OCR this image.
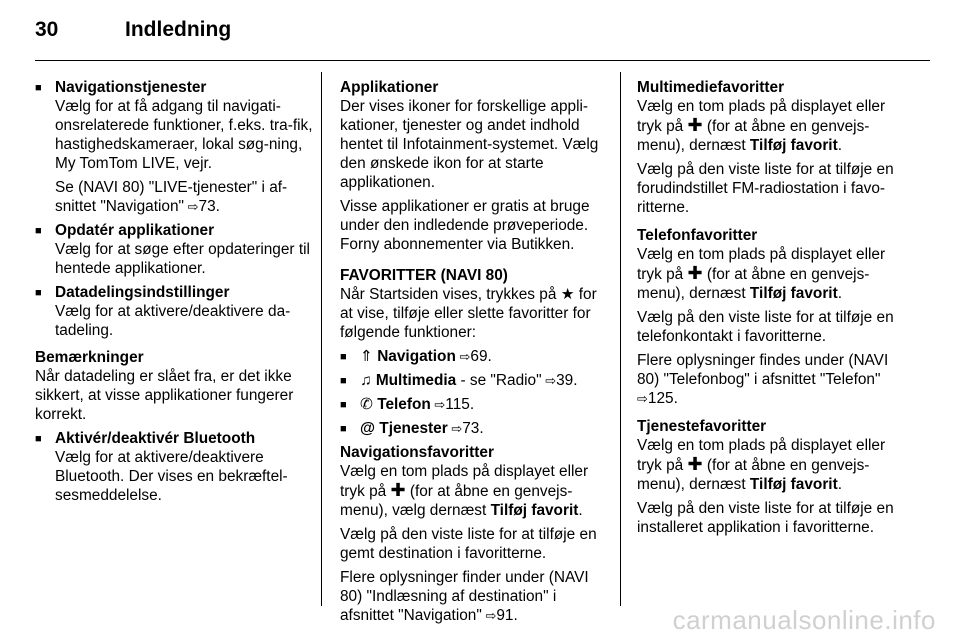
30	Indledning
■ Navigationstjenester
Vælg for at få adgang til navigati-onsrelaterede funktioner, f.eks. tra-fik, hastighedskameraer, lokal søg-ning, My TomTom LIVE, vejr.
Se (NAVI 80) "LIVE-tjenester" i af-snittet "Navigation" ⇨ 73.
■ Opdatér applikationer
Vælg for at søge efter opdateringer til hentede applikationer.
■ Datadelingsindstillinger
Vælg for at aktivere/deaktivere da-tadeling.
Bemærkninger
Når datadeling er slået fra, er det ikke sikkert, at visse applikationer fungerer korrekt.
■ Aktivér/deaktivér Bluetooth
Vælg for at aktivere/deaktivere Bluetooth. Der vises en bekræftel-sesmeddelelse.
Applikationer
Der vises ikoner for forskellige appli-kationer, tjenester og andet indhold hentet til Infotainment-systemet. Vælg den ønskede ikon for at starte applikationen.
Visse applikationer er gratis at bruge under den indledende prøveperiode. Forny abonnementer via Butikken.
FAVORITTER (NAVI 80)
Når Startsiden vises, trykkes på ★ for at vise, tilføje eller slette favoritter for følgende funktioner:
■ ⇑ Navigation ⇨ 69.
■ ♫ Multimedia - se "Radio" ⇨ 39.
■ ✆ Telefon ⇨ 115.
■ @ Tjenester ⇨ 73.
Navigationsfavoritter
Vælg en tom plads på displayet eller tryk på ✚ (for at åbne en genvejs-menu), vælg dernæst Tilføj favorit.
Vælg på den viste liste for at tilføje en gemt destination i favoritterne.
Flere oplysninger finder under (NAVI 80) "Indlæsning af destination" i afsnittet "Navigation" ⇨ 91.
Multimediefavoritter
Vælg en tom plads på displayet eller tryk på ✚ (for at åbne en genvejs-menu), dernæst Tilføj favorit.
Vælg på den viste liste for at tilføje en forudindstillet FM-radiostation i favo-ritterne.
Telefonfavoritter
Vælg en tom plads på displayet eller tryk på ✚ (for at åbne en genvejs-menu), dernæst Tilføj favorit.
Vælg på den viste liste for at tilføje en telefonkontakt i favoritterne.
Flere oplysninger findes under (NAVI 80) "Telefonbog" i afsnittet "Telefon" ⇨ 125.
Tjenestefavoritter
Vælg en tom plads på displayet eller tryk på ✚ (for at åbne en genvejs-menu), dernæst Tilføj favorit.
Vælg på den viste liste for at tilføje en installeret applikation i favoritterne.
carmanualsonline.info
